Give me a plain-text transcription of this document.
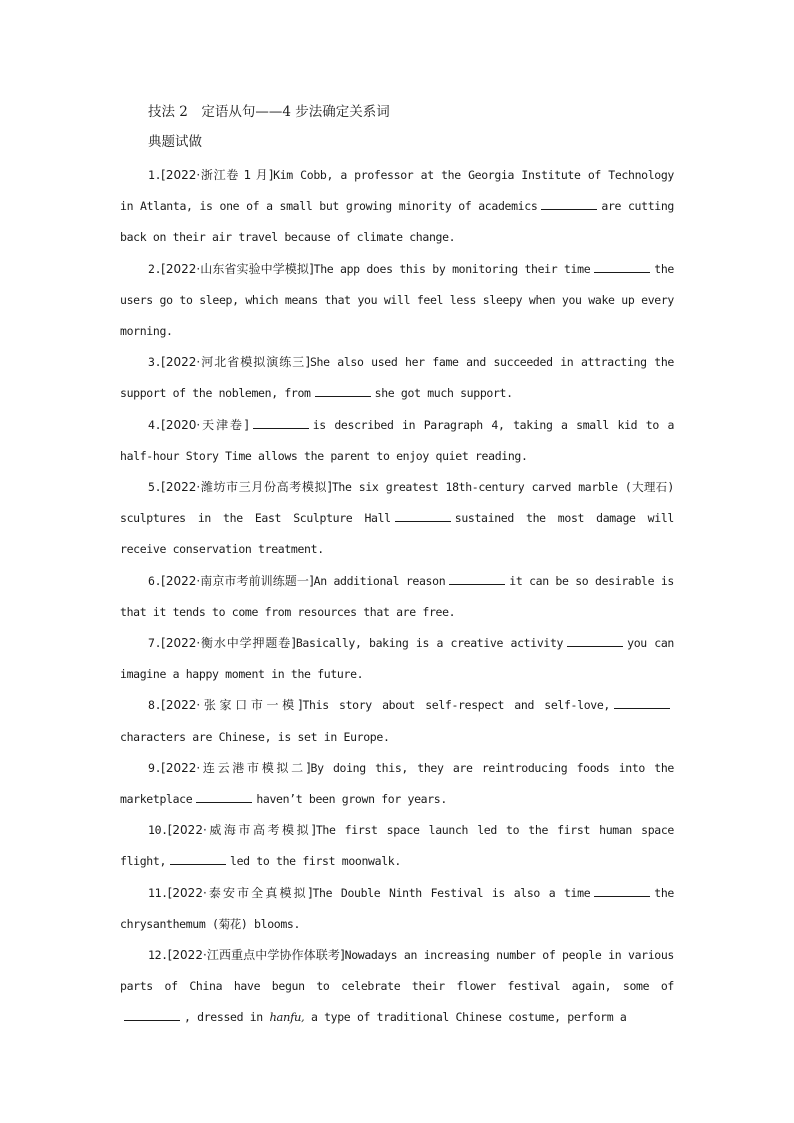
技法 2　定语从句——4 步法确定关系词
典题试做

1.[2022·浙江卷 1 月]Kim Cobb, a professor at the Georgia Institute of Technology in Atlanta, is one of a small but growing minority of academics	are cutting back on their air travel because of climate change.

2.[2022·山东省实验中学模拟]The app does this by monitoring their time	the users go to sleep, which means that you will feel less sleepy when you wake up every morning.

3.[2022·河北省模拟演练三]She also used her fame and succeeded in attracting the support of the noblemen, from	she got much support.

4.[2020·天津卷]	is described in Paragraph 4, taking a small kid to a half-hour Story Time allows the parent to enjoy quiet reading.

5.[2022·潍坊市三月份高考模拟]The six greatest 18th-century carved marble (大理石) sculptures in the East Sculpture Hall	sustained the most damage will receive conservation treatment.

6.[2022·南京市考前训练题一]An additional reason	it can be so desirable is that it tends to come from resources that are free.

7.[2022·衡水中学押题卷]Basically, baking is a creative activity	you can imagine a happy moment in the future.

8.[2022·张家口市一模]This story about self-respect and self-love,characters are Chinese, is set in Europe.

9.[2022·连云港市模拟二]By doing this, they are reintroducing foods into the marketplace	haven’t been grown for years.

10.[2022·威海市高考模拟]The first space launch led to the first human space flight,	led to the first moonwalk.

11.[2022·泰安市全真模拟]The Double Ninth Festival is also a time	the chrysanthemum (菊花) blooms.

12.[2022·江西重点中学协作体联考]Nowadays an increasing number of people in various parts of China have begun to celebrate their flower festival again, some of, dressed in hanfu, a type of traditional Chinese costume, perform a
